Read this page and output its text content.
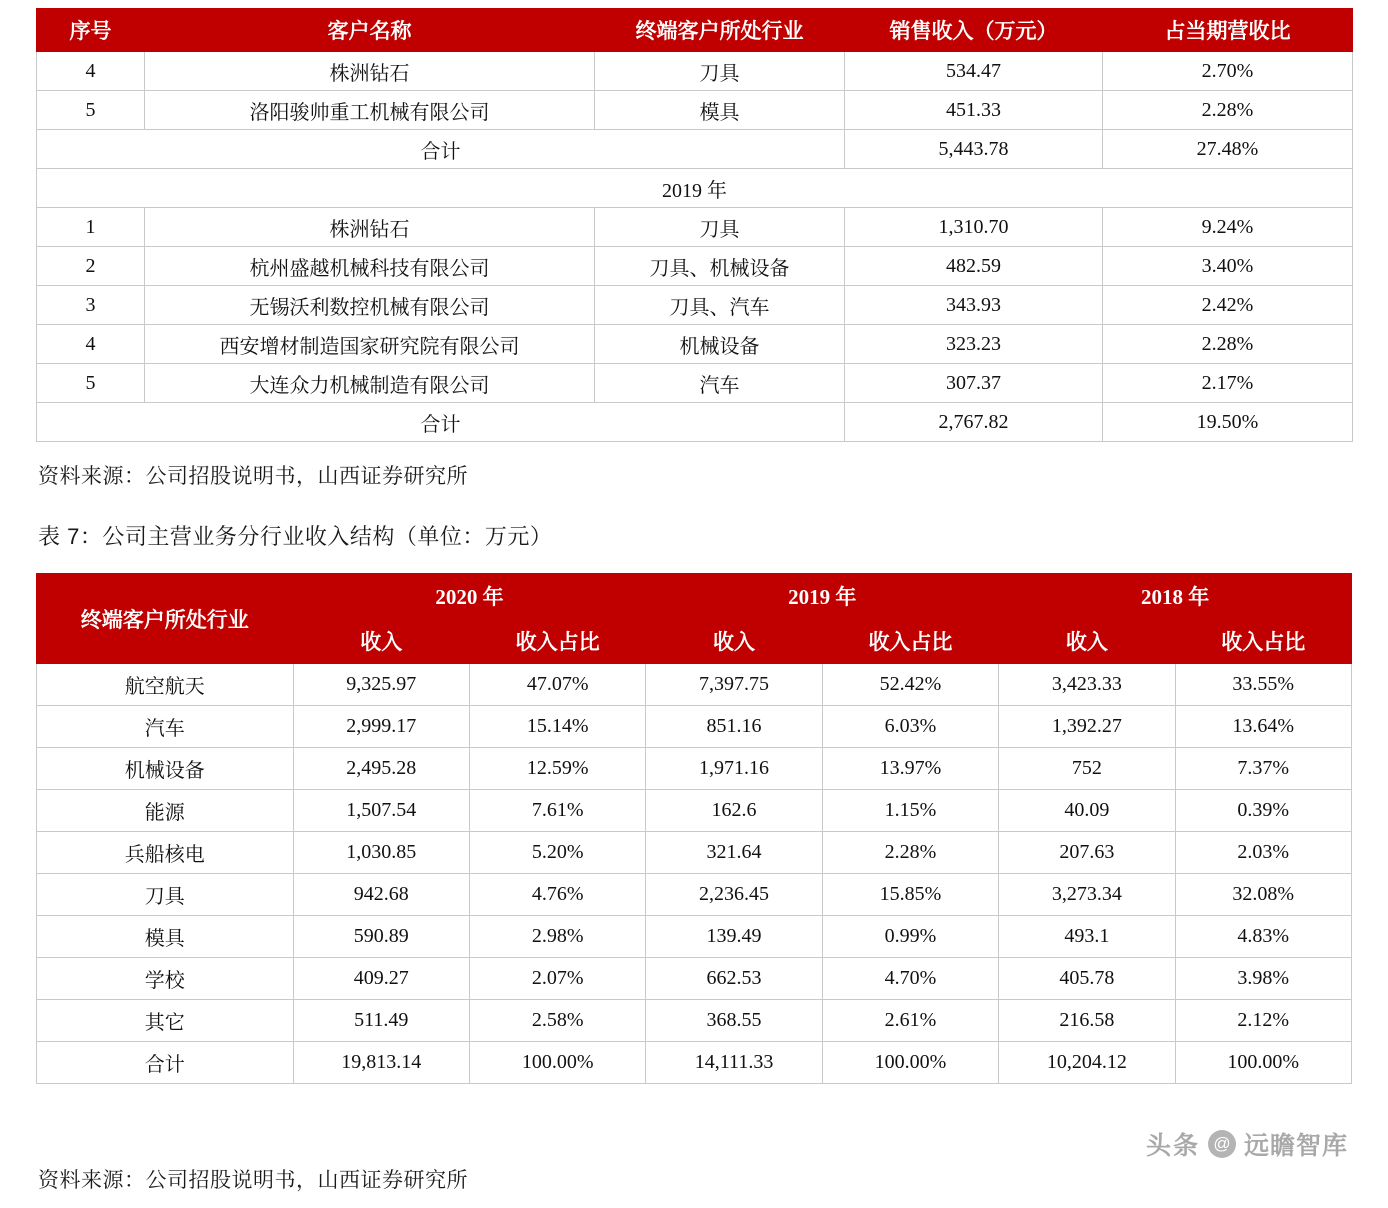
序号	客户名称	终端客户所处行业	销售收入（万元）	占当期营收比
4	株洲钻石	刀具	534.47	2.70%
5	洛阳骏帅重工机械有限公司	模具	451.33	2.28%
合计			5,443.78	27.48%
2019 年				
1	株洲钻石	刀具	1,310.70	9.24%
2	杭州盛越机械科技有限公司	刀具、机械设备	482.59	3.40%
3	无锡沃利数控机械有限公司	刀具、汽车	343.93	2.42%
4	西安增材制造国家研究院有限公司	机械设备	323.23	2.28%
5	大连众力机械制造有限公司	汽车	307.37	2.17%
合计			2,767.82	19.50%
资料来源：公司招股说明书，山西证券研究所
表 7：公司主营业务分行业收入结构（单位：万元）
终端客户所处行业	2020 年		2019 年		2018 年	
	收入	收入占比	收入	收入占比	收入	收入占比
航空航天	9,325.97	47.07%	7,397.75	52.42%	3,423.33	33.55%
汽车	2,999.17	15.14%	851.16	6.03%	1,392.27	13.64%
机械设备	2,495.28	12.59%	1,971.16	13.97%	752	7.37%
能源	1,507.54	7.61%	162.6	1.15%	40.09	0.39%
兵船核电	1,030.85	5.20%	321.64	2.28%	207.63	2.03%
刀具	942.68	4.76%	2,236.45	15.85%	3,273.34	32.08%
模具	590.89	2.98%	139.49	0.99%	493.1	4.83%
学校	409.27	2.07%	662.53	4.70%	405.78	3.98%
其它	511.49	2.58%	368.55	2.61%	216.58	2.12%
合计	19,813.14	100.00%	14,111.33	100.00%	10,204.12	100.00%
资料来源：公司招股说明书，山西证券研究所
头条 @ 远瞻智库
